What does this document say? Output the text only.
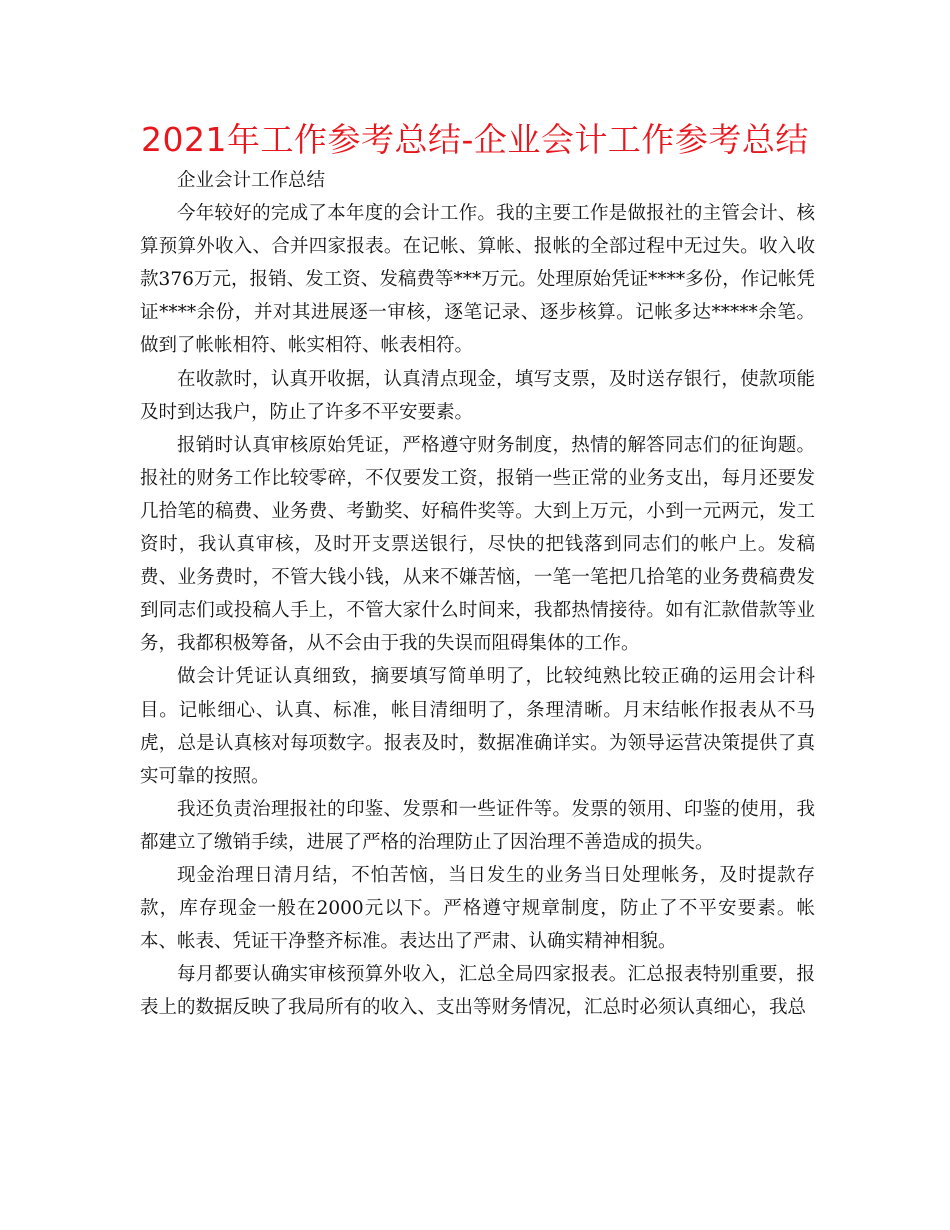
2021年工作参考总结-企业会计工作参考总结

企业会计工作总结

今年较好的完成了本年度的会计工作。我的主要工作是做报社的主管会计、核算预算外收入、合并四家报表。在记帐、算帐、报帐的全部过程中无过失。收入收款376万元，报销、发工资、发稿费等***万元。处理原始凭证****多份，作记帐凭证****余份，并对其进展逐一审核，逐笔记录、逐步核算。记帐多达*****余笔。做到了帐帐相符、帐实相符、帐表相符。

在收款时，认真开收据，认真清点现金，填写支票，及时送存银行，使款项能及时到达我户，防止了许多不平安要素。

报销时认真审核原始凭证，严格遵守财务制度，热情的解答同志们的征询题。报社的财务工作比较零碎，不仅要发工资，报销一些正常的业务支出，每月还要发几拾笔的稿费、业务费、考勤奖、好稿件奖等。大到上万元，小到一元两元，发工资时，我认真审核，及时开支票送银行，尽快的把钱落到同志们的帐户上。发稿费、业务费时，不管大钱小钱，从来不嫌苦恼，一笔一笔把几拾笔的业务费稿费发到同志们或投稿人手上，不管大家什么时间来，我都热情接待。如有汇款借款等业务，我都积极筹备，从不会由于我的失误而阻碍集体的工作。

做会计凭证认真细致，摘要填写简单明了，比较纯熟比较正确的运用会计科目。记帐细心、认真、标准，帐目清细明了，条理清晰。月末结帐作报表从不马虎，总是认真核对每项数字。报表及时，数据准确详实。为领导运营决策提供了真实可靠的按照。

我还负责治理报社的印鉴、发票和一些证件等。发票的领用、印鉴的使用，我都建立了缴销手续，进展了严格的治理防止了因治理不善造成的损失。

现金治理日清月结，不怕苦恼，当日发生的业务当日处理帐务，及时提款存款，库存现金一般在2000元以下。严格遵守规章制度，防止了不平安要素。帐本、帐表、凭证干净整齐标准。表达出了严肃、认确实精神相貌。

每月都要认确实审核预算外收入，汇总全局四家报表。汇总报表特别重要，报表上的数据反映了我局所有的收入、支出等财务情况，汇总时必须认真细心，我总
